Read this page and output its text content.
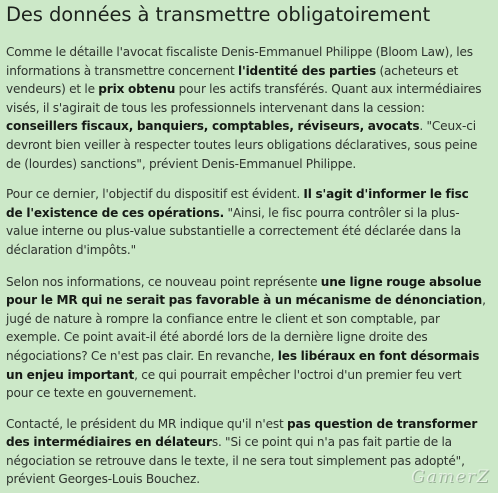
Des données à transmettre obligatoirement

Comme le détaille l'avocat fiscaliste Denis-Emmanuel Philippe (Bloom Law), les informations à transmettre concernent l'identité des parties (acheteurs et vendeurs) et le prix obtenu pour les actifs transférés. Quant aux intermédiaires visés, il s'agirait de tous les professionnels intervenant dans la cession: conseillers fiscaux, banquiers, comptables, réviseurs, avocats. "Ceux-ci devront bien veiller à respecter toutes leurs obligations déclaratives, sous peine de (lourdes) sanctions", prévient Denis-Emmanuel Philippe.

Pour ce dernier, l'objectif du dispositif est évident. Il s'agit d'informer le fisc de l'existence de ces opérations. "Ainsi, le fisc pourra contrôler si la plus-value interne ou plus-value substantielle a correctement été déclarée dans la déclaration d'impôts."

Selon nos informations, ce nouveau point représente une ligne rouge absolue pour le MR qui ne serait pas favorable à un mécanisme de dénonciation, jugé de nature à rompre la confiance entre le client et son comptable, par exemple. Ce point avait-il été abordé lors de la dernière ligne droite des négociations? Ce n'est pas clair. En revanche, les libéraux en font désormais un enjeu important, ce qui pourrait empêcher l'octroi d'un premier feu vert pour ce texte en gouvernement.

Contacté, le président du MR indique qu'il n'est pas question de transformer des intermédiaires en délateurs. "Si ce point qui n'a pas fait partie de la négociation se retrouve dans le texte, il ne sera tout simplement pas adopté", prévient Georges-Louis Bouchez.	GamerZ
